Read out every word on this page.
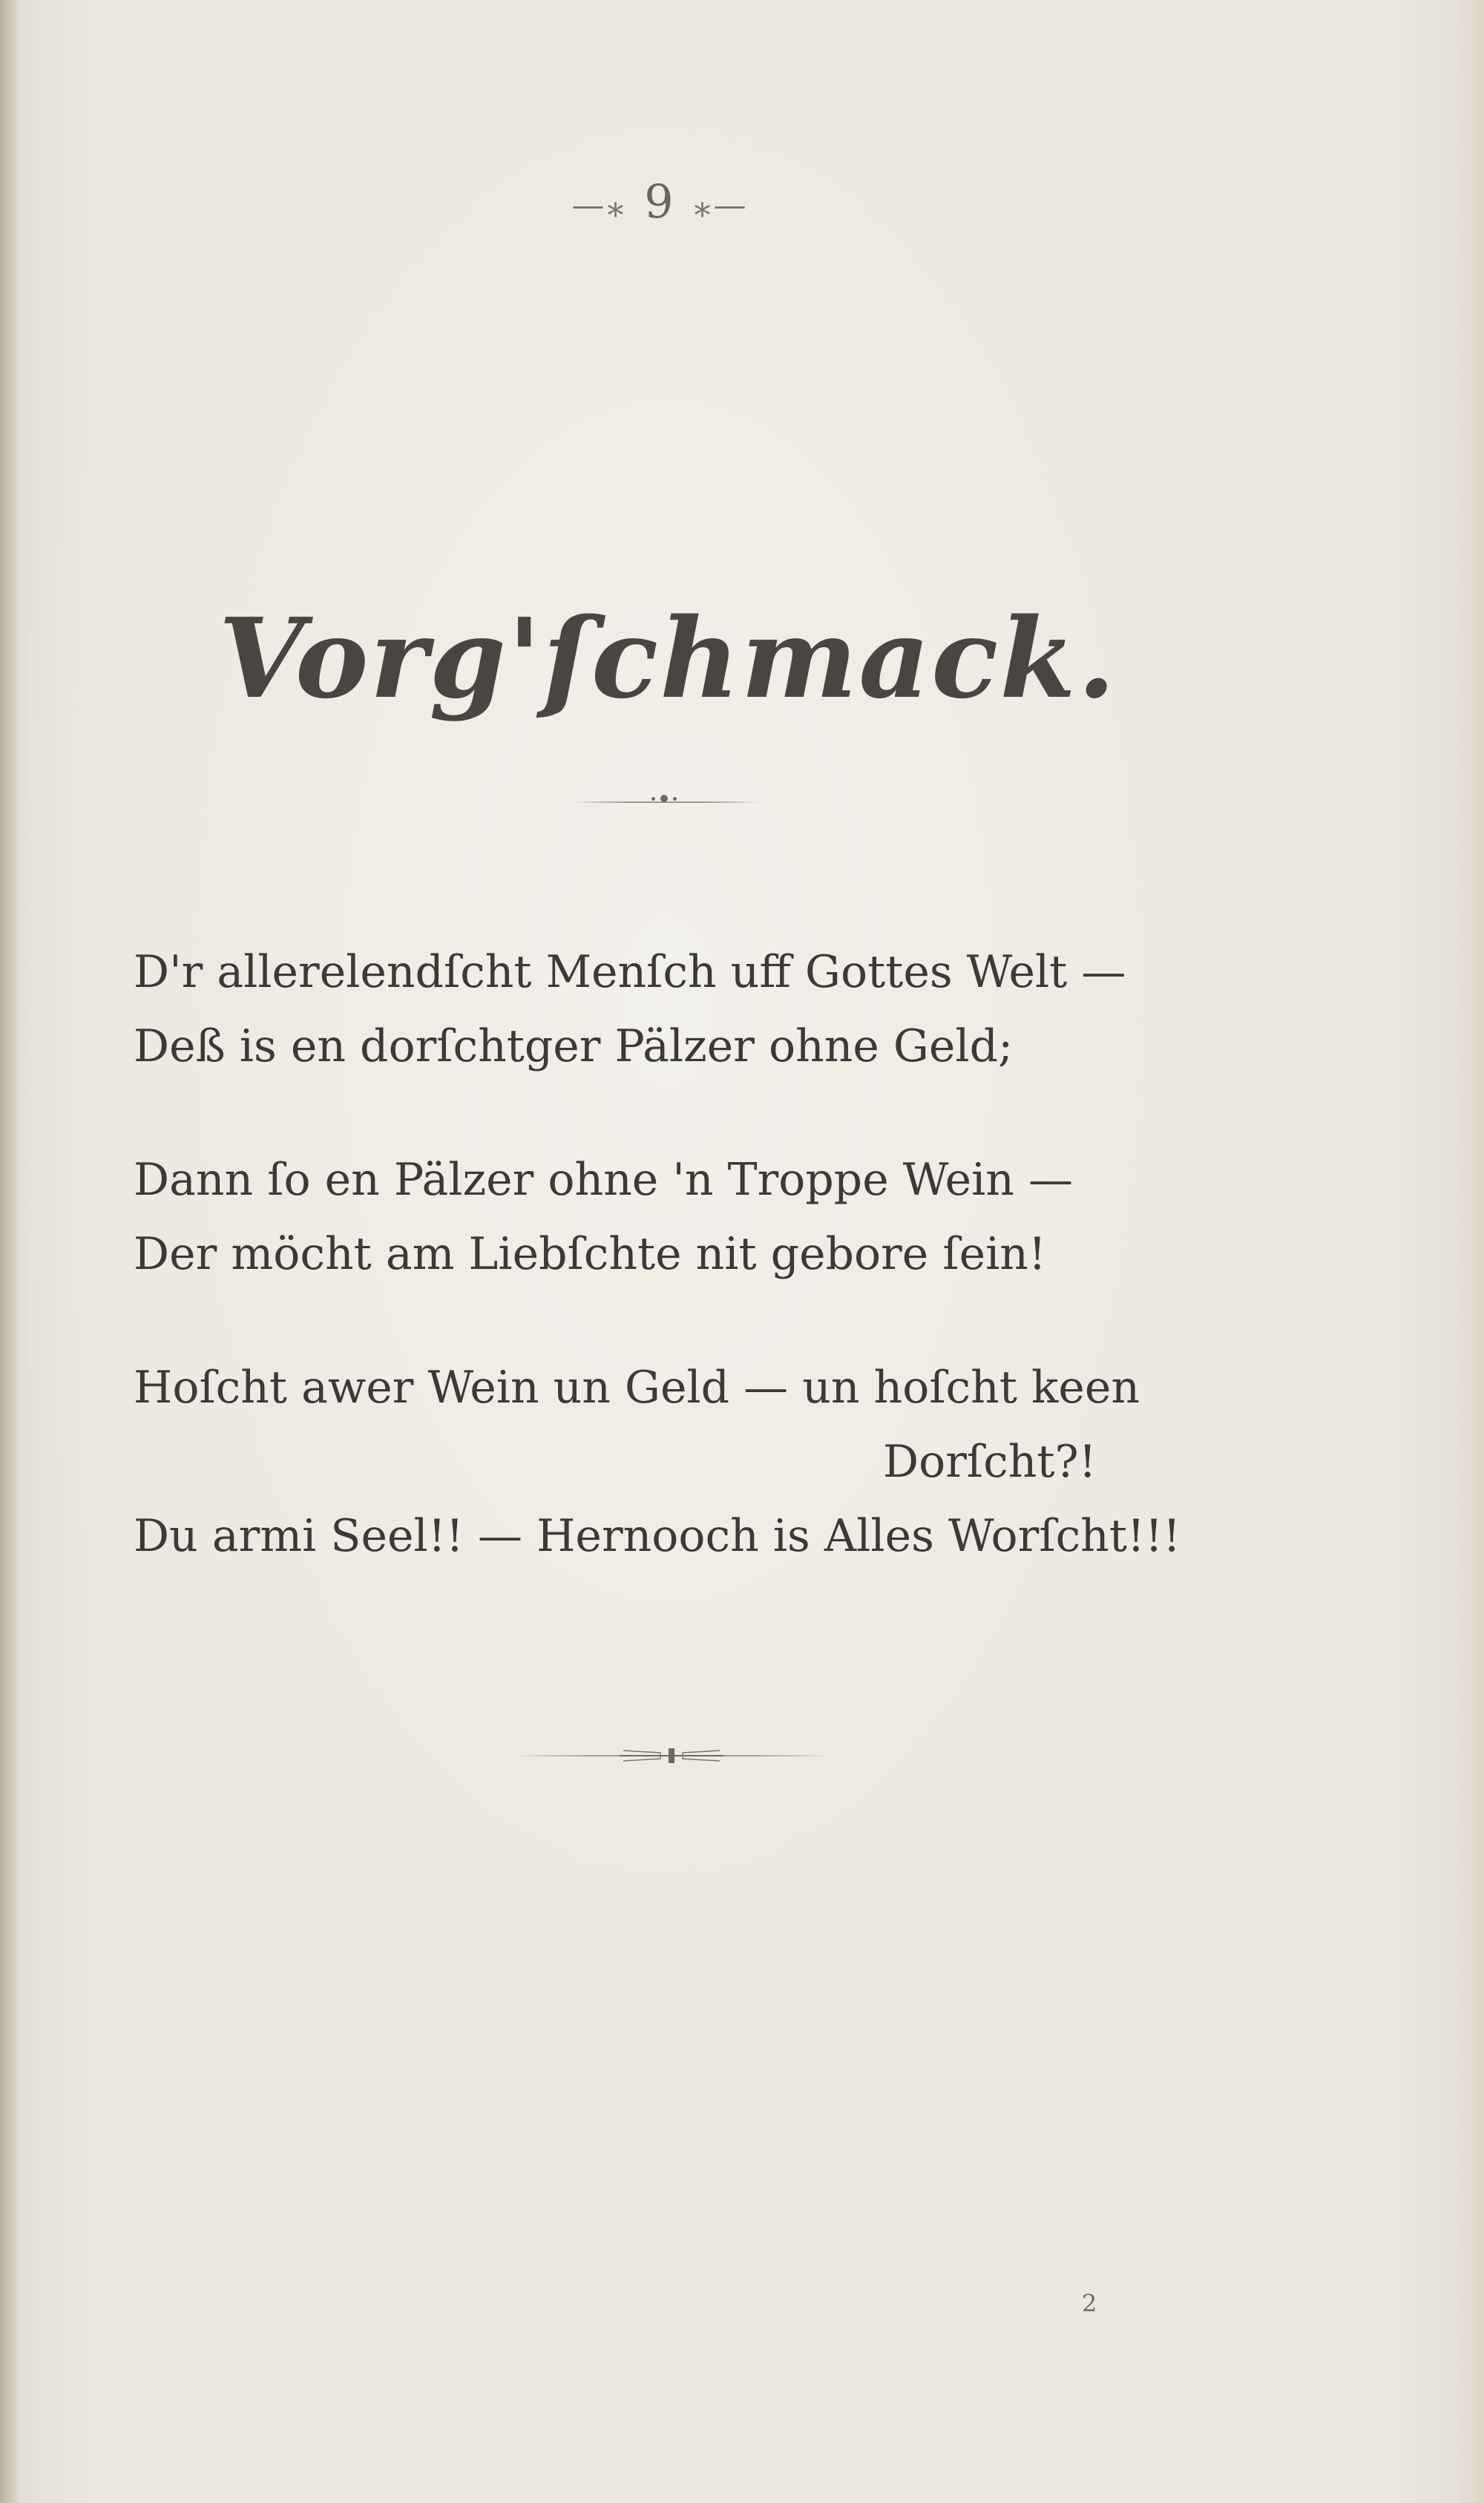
—⁎ 9 ⁎—
Vorg'ſchmack.
D'r allerelendſcht Menſch uff Gottes Welt —
Deß is en dorſchtger Pälzer ohne Geld;
Dann ſo en Pälzer ohne 'n Troppe Wein —
Der möcht am Liebſchte nit gebore ſein!
Hoſcht awer Wein un Geld — un hoſcht keen
Dorſcht?!
Du armi Seel!! — Hernooch is Alles Worſcht!!!
2
